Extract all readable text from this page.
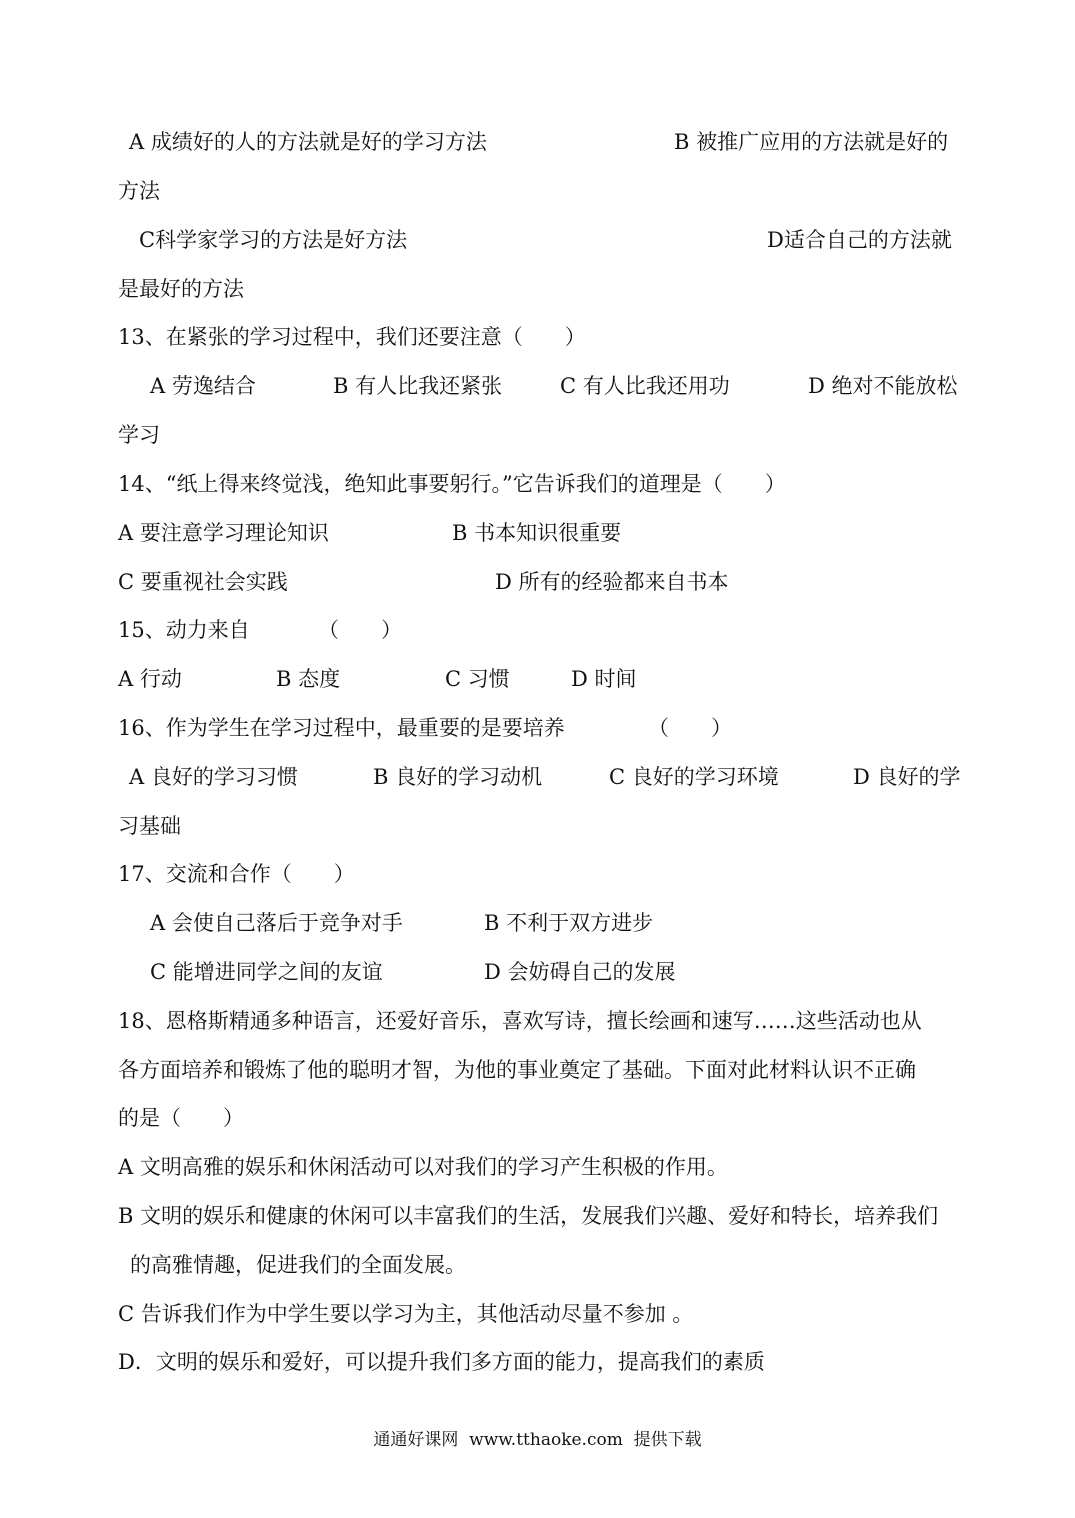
A 成绩好的人的方法就是好的学习方法	B 被推广应用的方法就是好的
方法
C科学家学习的方法是好方法	D适合自己的方法就
是最好的方法
13、在紧张的学习过程中，我们还要注意（　　）
A 劳逸结合	B 有人比我还紧张	C 有人比我还用功	D 绝对不能放松
学习
14、“纸上得来终觉浅，绝知此事要躬行。”它告诉我们的道理是（　　）
A 要注意学习理论知识	B 书本知识很重要
C 要重视社会实践	D 所有的经验都来自书本
15、动力来自	（　　）
A 行动	B 态度	C 习惯	D 时间
16、作为学生在学习过程中，最重要的是要培养	（　　）
A 良好的学习习惯	B 良好的学习动机	C 良好的学习环境	D 良好的学
习基础
17、交流和合作（　　）
A 会使自己落后于竞争对手	B 不利于双方进步
C 能增进同学之间的友谊	D 会妨碍自己的发展
18、恩格斯精通多种语言，还爱好音乐，喜欢写诗，擅长绘画和速写……这些活动也从
各方面培养和锻炼了他的聪明才智，为他的事业奠定了基础。下面对此材料认识不正确
的是（　　）
A 文明高雅的娱乐和休闲活动可以对我们的学习产生积极的作用。
B 文明的娱乐和健康的休闲可以丰富我们的生活，发展我们兴趣、爱好和特长，培养我们
的高雅情趣，促进我们的全面发展。
C 告诉我们作为中学生要以学习为主，其他活动尽量不参加 。
D．文明的娱乐和爱好，可以提升我们多方面的能力，提高我们的素质
通通好课网  www.tthaoke.com  提供下载
